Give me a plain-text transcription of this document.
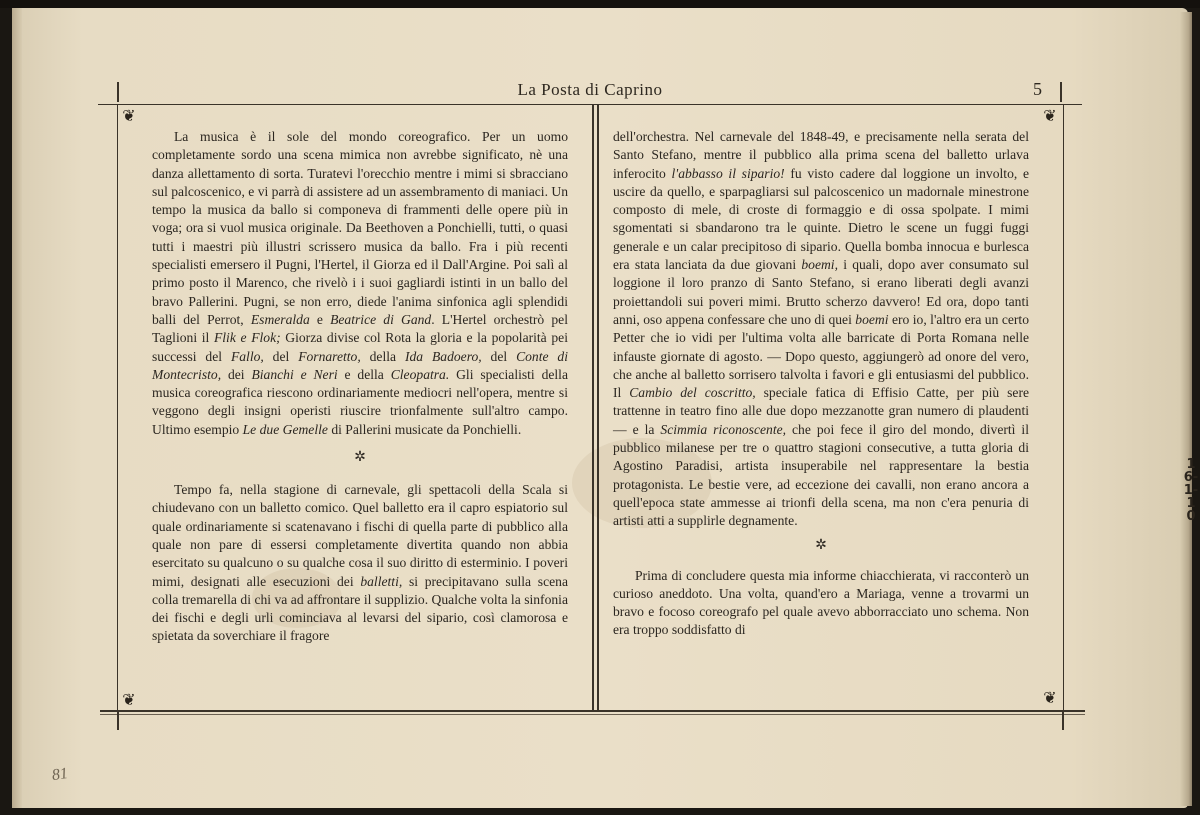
La Posta di Caprino	5
❦	❦
❦	❦

La musica è il sole del mondo coreografico. Per un uomo completamente sordo una scena mimica non avrebbe significato, nè una danza allettamento di sorta. Turatevi l'orecchio mentre i mimi si sbracciano sul palcoscenico, e vi parrà di assistere ad un assembramento di maniaci. Un tempo la musica da ballo si componeva di frammenti delle opere più in voga; ora si vuol musica originale. Da Beethoven a Ponchielli, tutti, o quasi tutti i maestri più illustri scrissero musica da ballo. Fra i più recenti specialisti emersero il Pugni, l'Hertel, il Giorza ed il Dall'Argine. Poi salì al primo posto il Marenco, che rivelò i i suoi gagliardi istinti in un ballo del bravo Pallerini. Pugni, se non erro, diede l'anima sinfonica agli splendidi balli del Perrot, Esmeralda e Beatrice di Gand. L'Hertel orchestrò pel Taglioni il Flik e Flok; Giorza divise col Rota la gloria e la popolarità pei successi del Fallo, del Fornaretto, della Ida Badoero, del Conte di Montecristo, dei Bianchi e Neri e della Cleopatra. Gli specialisti della musica coreografica riescono ordinariamente mediocri nell'opera, mentre si veggono degli insigni operisti riuscire trionfalmente sull'altro campo. Ultimo esempio Le due Gemelle di Pallerini musicate da Ponchielli.

✲

Tempo fa, nella stagione di carnevale, gli spettacoli della Scala si chiudevano con un balletto comico. Quel balletto era il capro espiatorio sul quale ordinariamente si scatenavano i fischi di quella parte di pubblico alla quale non pare di essersi completamente divertita quando non abbia esercitato su qualcuno o su qualche cosa il suo diritto di esterminio. I poveri mimi, designati alle esecuzioni dei balletti, si precipitavano sulla scena colla tremarella di chi va ad affrontare il supplizio. Qualche volta la sinfonia dei fischi e degli urli cominciava al levarsi del sipario, così clamorosa e spietata da soverchiare il fragore

dell'orchestra. Nel carnevale del 1848-49, e precisamente nella serata del Santo Stefano, mentre il pubblico alla prima scena del balletto urlava inferocito l'abbasso il sipario! fu visto cadere dal loggione un involto, e uscire da quello, e sparpagliarsi sul palcoscenico un madornale minestrone composto di mele, di croste di formaggio e di ossa spolpate. I mimi sgomentati si sbandarono tra le quinte. Dietro le scene un fuggi fuggi generale e un calar precipitoso di sipario. Quella bomba innocua e burlesca era stata lanciata da due giovani boemi, i quali, dopo aver consumato sul loggione il loro pranzo di Santo Stefano, si erano liberati degli avanzi proiettandoli sui poveri mimi. Brutto scherzo davvero! Ed ora, dopo tanti anni, oso appena confessare che uno di quei boemi ero io, l'altro era un certo Petter che io vidi per l'ultima volta alle barricate di Porta Romana nelle infauste giornate di agosto. — Dopo questo, aggiungerò ad onore del vero, che anche al balletto sorrisero talvolta i favori e gli entusiasmi del pubblico. Il Cambio del coscritto, speciale fatica di Effisio Catte, per più sere trattenne in teatro fino alle due dopo mezzanotte gran numero di plaudenti — e la Scimmia riconoscente, che poi fece il giro del mondo, divertì il pubblico milanese per tre o quattro stagioni consecutive, a tutta gloria di Agostino Paradisi, artista insuperabile nel rappresentare la bestia protagonista. Le bestie vere, ad eccezione dei cavalli, non erano ancora a quell'epoca state ammesse ai trionfi della scena, ma non c'era penuria di artisti atti a supplirle degnamente.

✲

Prima di concludere questa mia informe chiacchierata, vi racconterò un curioso aneddoto. Una volta, quand'ero a Mariaga, venne a trovarmi un bravo e focoso coreografo pel quale avevo abborracciato uno schema. Non era troppo soddisfatto di

81
16-1-10
